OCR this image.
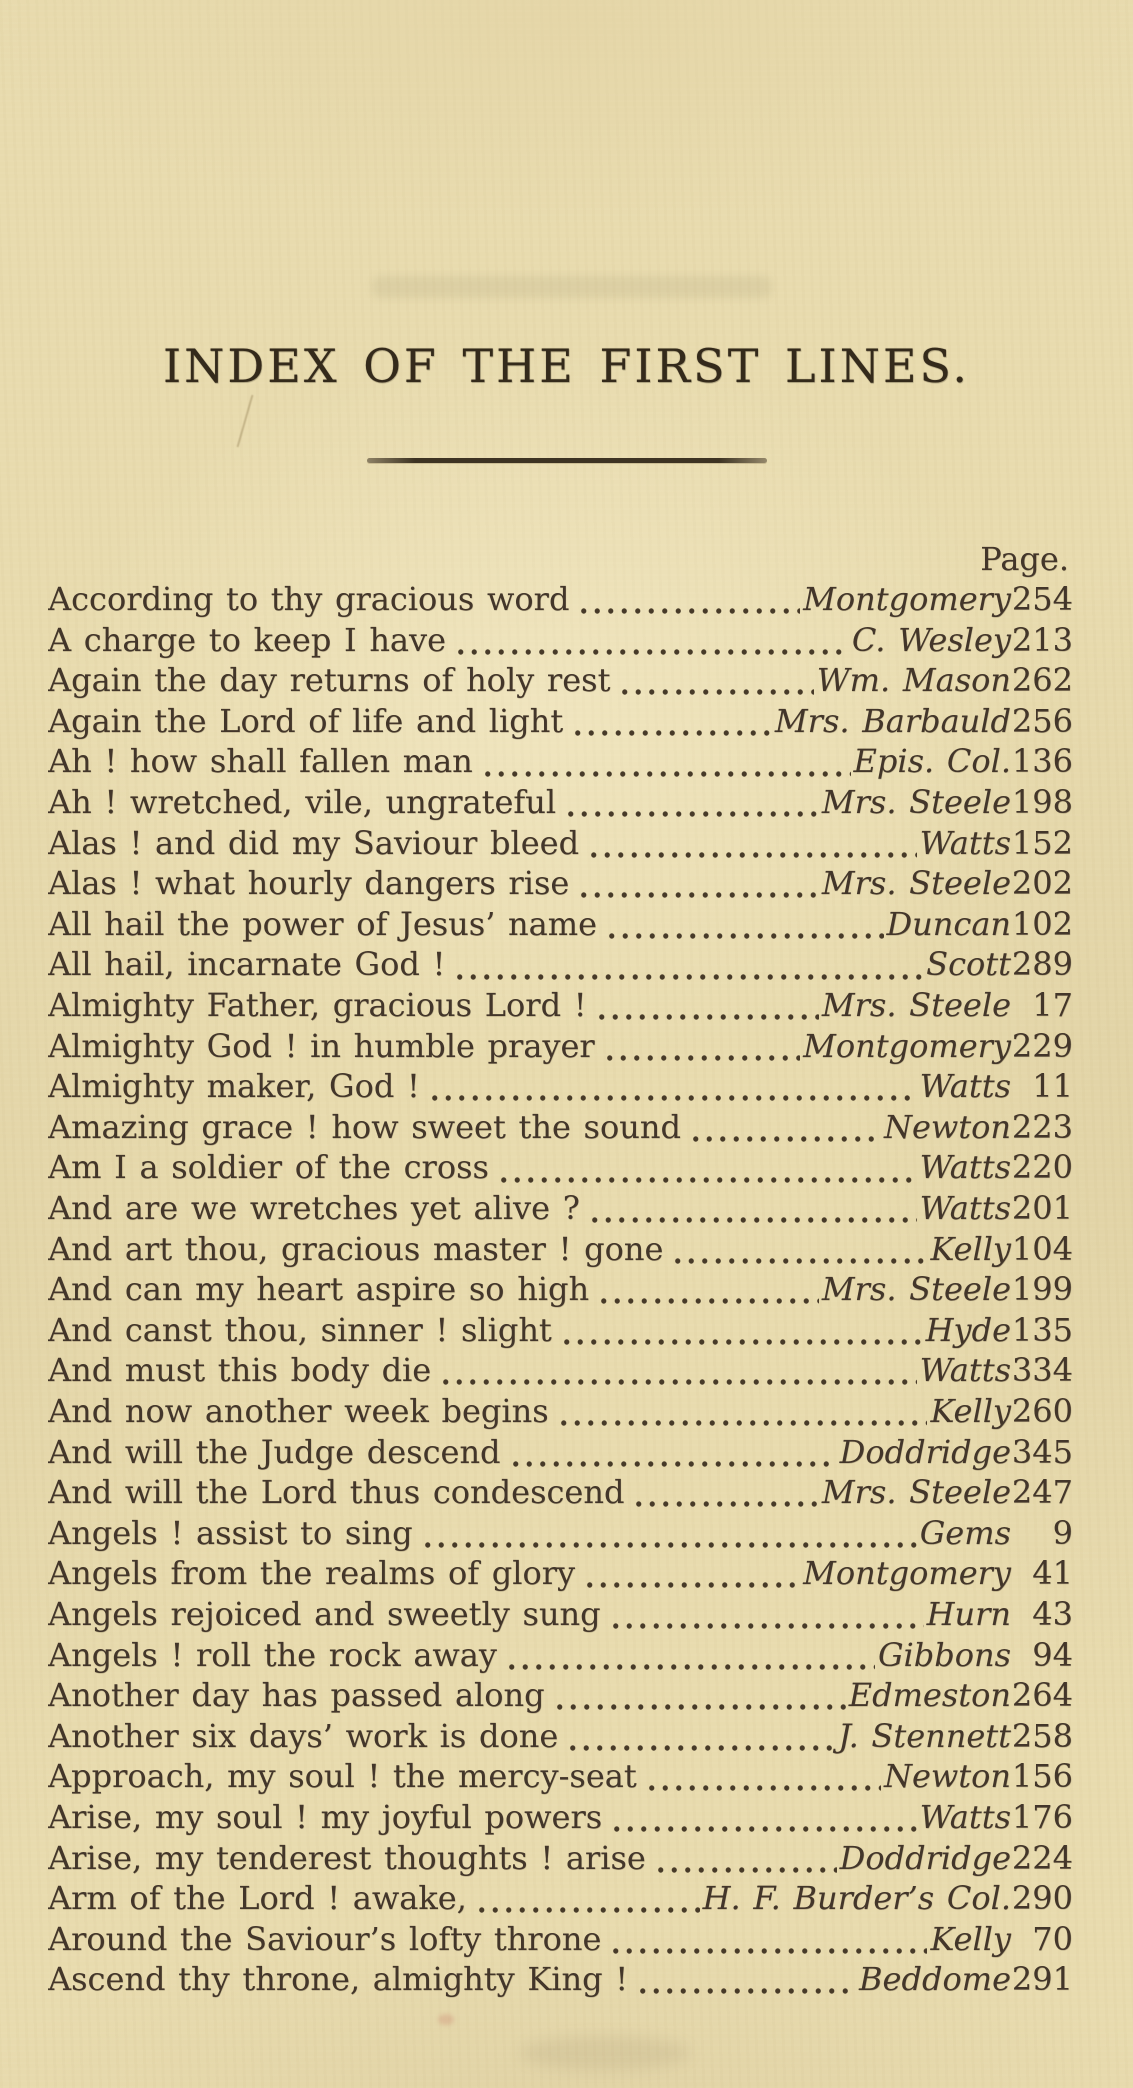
INDEX OF THE FIRST LINES.
Page.
According to thy gracious word	Montgomery 254
A charge to keep I have	C. Wesley 213
Again the day returns of holy rest	Wm. Mason 262
Again the Lord of life and light	Mrs. Barbauld 256
Ah ! how shall fallen man	Epis. Col. 136
Ah ! wretched, vile, ungrateful	Mrs. Steele 198
Alas ! and did my Saviour bleed	Watts 152
Alas ! what hourly dangers rise	Mrs. Steele 202
All hail the power of Jesus’ name	Duncan 102
All hail, incarnate God !	Scott 289
Almighty Father, gracious Lord !	Mrs. Steele 17
Almighty God ! in humble prayer	Montgomery 229
Almighty maker, God !	Watts 11
Amazing grace ! how sweet the sound	Newton 223
Am I a soldier of the cross	Watts 220
And are we wretches yet alive ?	Watts 201
And art thou, gracious master ! gone	Kelly 104
And can my heart aspire so high	Mrs. Steele 199
And canst thou, sinner ! slight	Hyde 135
And must this body die	Watts 334
And now another week begins	Kelly 260
And will the Judge descend	Doddridge 345
And will the Lord thus condescend	Mrs. Steele 247
Angels ! assist to sing	Gems	9
Angels from the realms of glory	Montgomery 41
Angels rejoiced and sweetly sung	Hurn 43
Angels ! roll the rock away	Gibbons 94
Another day has passed along	Edmeston 264
Another six days’ work is done	J. Stennett 258
Approach, my soul ! the mercy-seat	Newton 156
Arise, my soul ! my joyful powers	Watts 176
Arise, my tenderest thoughts ! arise	Doddridge 224
Arm of the Lord ! awake,	H. F. Burder’s Col. 290
Around the Saviour’s lofty throne	Kelly 70
Ascend thy throne, almighty King !	Beddome 291
